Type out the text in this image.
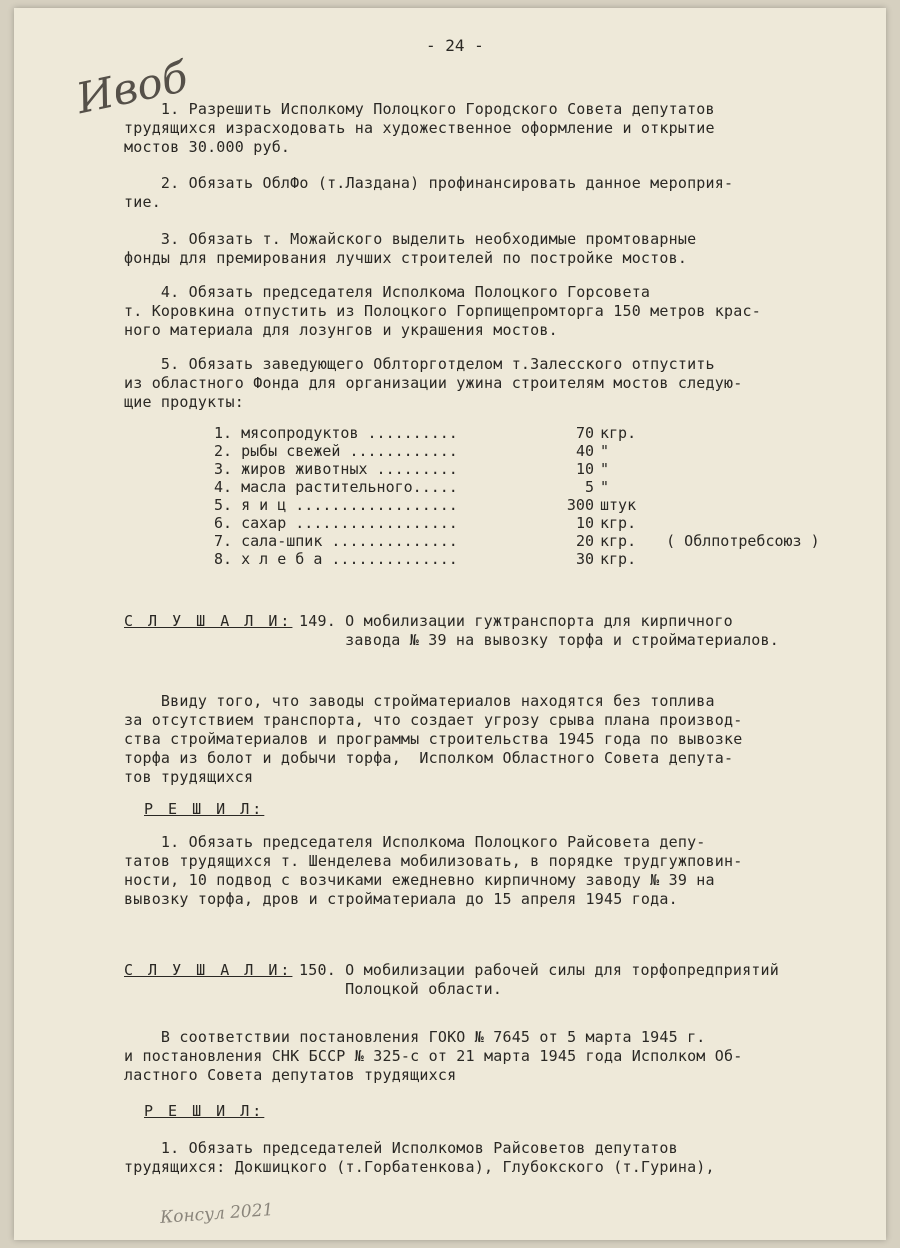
- 24 -
Ивоб
1. Разрешить Исполкому Полоцкого Городского Совета депутатов
трудящихся израсходовать на художественное оформление и открытие
мостов 30.000 руб.
2. Обязать ОблФо (т.Лаздана) профинансировать данное мероприя-
тие.
3. Обязать т. Можайского выделить необходимые промтоварные
фонды для премирования лучших строителей по постройке мостов.
4. Обязать председателя Исполкома Полоцкого Горсовета
т. Коровкина отпустить из Полоцкого Горпищепромторга 150 метров крас-
ного материала для лозунгов и украшения мостов.
5. Обязать заведующего Облторготделом т.Залесского отпустить
из областного Фонда для организации ужина строителям мостов следую-
щие продукты:
1. мясопродуктов ..........	70 кгр.
2. рыбы свежей ............	40 "
3. жиров животных .........	10 "
4. масла растительного.....	5 "
5. я и ц ..................	300 штук
6. сахар ..................	10 кгр.
7. сала-шпик ..............	20 кгр. ( Облпотребсоюз )
8. х л е б а ..............	30 кгр.
С Л У Ш А Л И: 149. О мобилизации гужтранспорта для кирпичного
завода № 39 на вывозку торфа и стройматериалов.
Ввиду того, что заводы стройматериалов находятся без топлива
за отсутствием транспорта, что создает угрозу срыва плана производ-
ства стройматериалов и программы строительства 1945 года по вывозке
торфа из болот и добычи торфа,  Исполком Областного Совета депута-
тов трудящихся
Р Е Ш И Л:
1. Обязать председателя Исполкома Полоцкого Райсовета депу-
татов трудящихся т. Шенделева мобилизовать, в порядке трудгужповин-
ности, 10 подвод с возчиками ежедневно кирпичному заводу № 39 на
вывозку торфа, дров и стройматериала до 15 апреля 1945 года.
С Л У Ш А Л И: 150. О мобилизации рабочей силы для торфопредприятий
Полоцкой области.
В соответствии постановления ГОКО № 7645 от 5 марта 1945 г.
и постановления СНК БССР № 325-с от 21 марта 1945 года Исполком Об-
ластного Совета депутатов трудящихся
Р Е Ш И Л:
1. Обязать председателей Исполкомов Райсоветов депутатов
трудящихся: Докшицкого (т.Горбатенкова), Глубокского (т.Гурина),
Консул 2021
